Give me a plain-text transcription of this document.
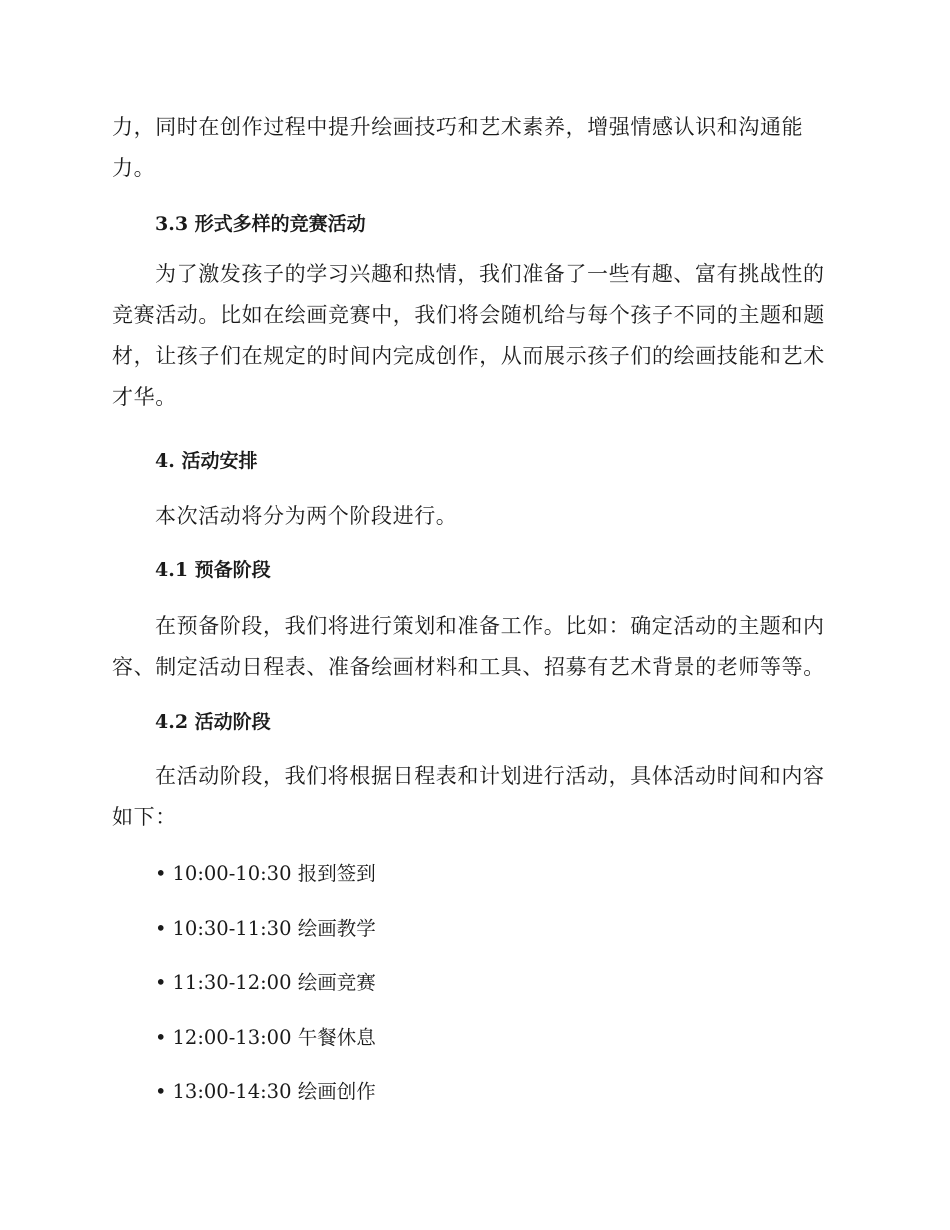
力，同时在创作过程中提升绘画技巧和艺术素养，增强情感认识和沟通能力。

3.3 形式多样的竞赛活动

为了激发孩子的学习兴趣和热情，我们准备了一些有趣、富有挑战性的竞赛活动。比如在绘画竞赛中，我们将会随机给与每个孩子不同的主题和题材，让孩子们在规定的时间内完成创作，从而展示孩子们的绘画技能和艺术才华。

4. 活动安排

本次活动将分为两个阶段进行。

4.1 预备阶段

在预备阶段，我们将进行策划和准备工作。比如：确定活动的主题和内容、制定活动日程表、准备绘画材料和工具、招募有艺术背景的老师等等。

4.2 活动阶段

在活动阶段，我们将根据日程表和计划进行活动，具体活动时间和内容如下：

• 10:00-10:30 报到签到

• 10:30-11:30 绘画教学

• 11:30-12:00 绘画竞赛

• 12:00-13:00 午餐休息

• 13:00-14:30 绘画创作
